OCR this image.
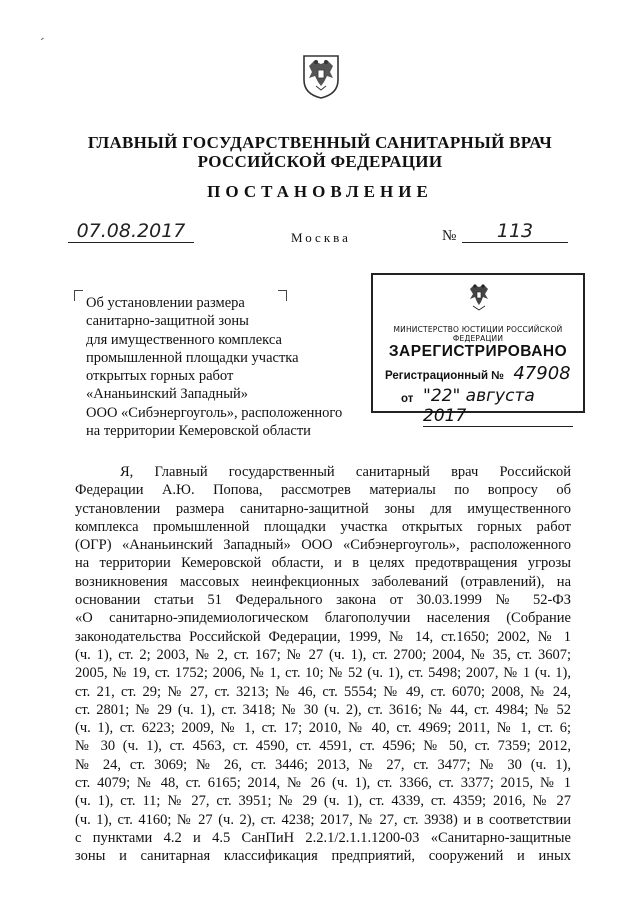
ГЛАВНЫЙ ГОСУДАРСТВЕННЫЙ САНИТАРНЫЙ ВРАЧ
РОССИЙСКОЙ ФЕДЕРАЦИИ
ПОСТАНОВЛЕНИЕ
07.08.2017	Москва	№	113
Об установлении размера
санитарно-защитной зоны
для имущественного комплекса
промышленной площадки участка
открытых горных работ
«Ананьинский Западный»
ООО «Сибэнергоуголь», расположенного
на территории Кемеровской области
МИНИСТЕРСТВО ЮСТИЦИИ РОССИЙСКОЙ ФЕДЕРАЦИИ
ЗАРЕГИСТРИРОВАНО
Регистрационный № 47908
от "22" августа 2017
Я, Главный государственный санитарный врач Российской
Федерации А.Ю. Попова, рассмотрев материалы по вопросу об
установлении размера санитарно-защитной зоны для имущественного
комплекса промышленной площадки участка открытых горных работ
(ОГР) «Ананьинский Западный» ООО «Сибэнергоуголь», расположенного
на территории Кемеровской области, и в целях предотвращения угрозы
возникновения массовых неинфекционных заболеваний (отравлений), на
основании статьи 51 Федерального закона от 30.03.1999 № 52-ФЗ
«О санитарно-эпидемиологическом благополучии населения (Собрание
законодательства Российской Федерации, 1999, № 14, ст.1650; 2002, № 1
(ч. 1), ст. 2; 2003, № 2, ст. 167; № 27 (ч. 1), ст. 2700; 2004, № 35, ст. 3607;
2005, № 19, ст. 1752; 2006, № 1, ст. 10; № 52 (ч. 1), ст. 5498; 2007, № 1 (ч. 1),
ст. 21, ст. 29; № 27, ст. 3213; № 46, ст. 5554; № 49, ст. 6070; 2008, № 24,
ст. 2801; № 29 (ч. 1), ст. 3418; № 30 (ч. 2), ст. 3616; № 44, ст. 4984; № 52
(ч. 1), ст. 6223; 2009, № 1, ст. 17; 2010, № 40, ст. 4969; 2011, № 1, ст. 6;
№ 30 (ч. 1), ст. 4563, ст. 4590, ст. 4591, ст. 4596; № 50, ст. 7359; 2012,
№ 24, ст. 3069; № 26, ст. 3446; 2013, № 27, ст. 3477; № 30 (ч. 1),
ст. 4079; № 48, ст. 6165; 2014, № 26 (ч. 1), ст. 3366, ст. 3377; 2015, № 1
(ч. 1), ст. 11; № 27, ст. 3951; № 29 (ч. 1), ст. 4339, ст. 4359; 2016, № 27
(ч. 1), ст. 4160; № 27 (ч. 2), ст. 4238; 2017, № 27, ст. 3938) и в соответствии
с пунктами 4.2 и 4.5 СанПиН 2.2.1/2.1.1.1200-03 «Санитарно-защитные
зоны и санитарная классификация предприятий, сооружений и иных
